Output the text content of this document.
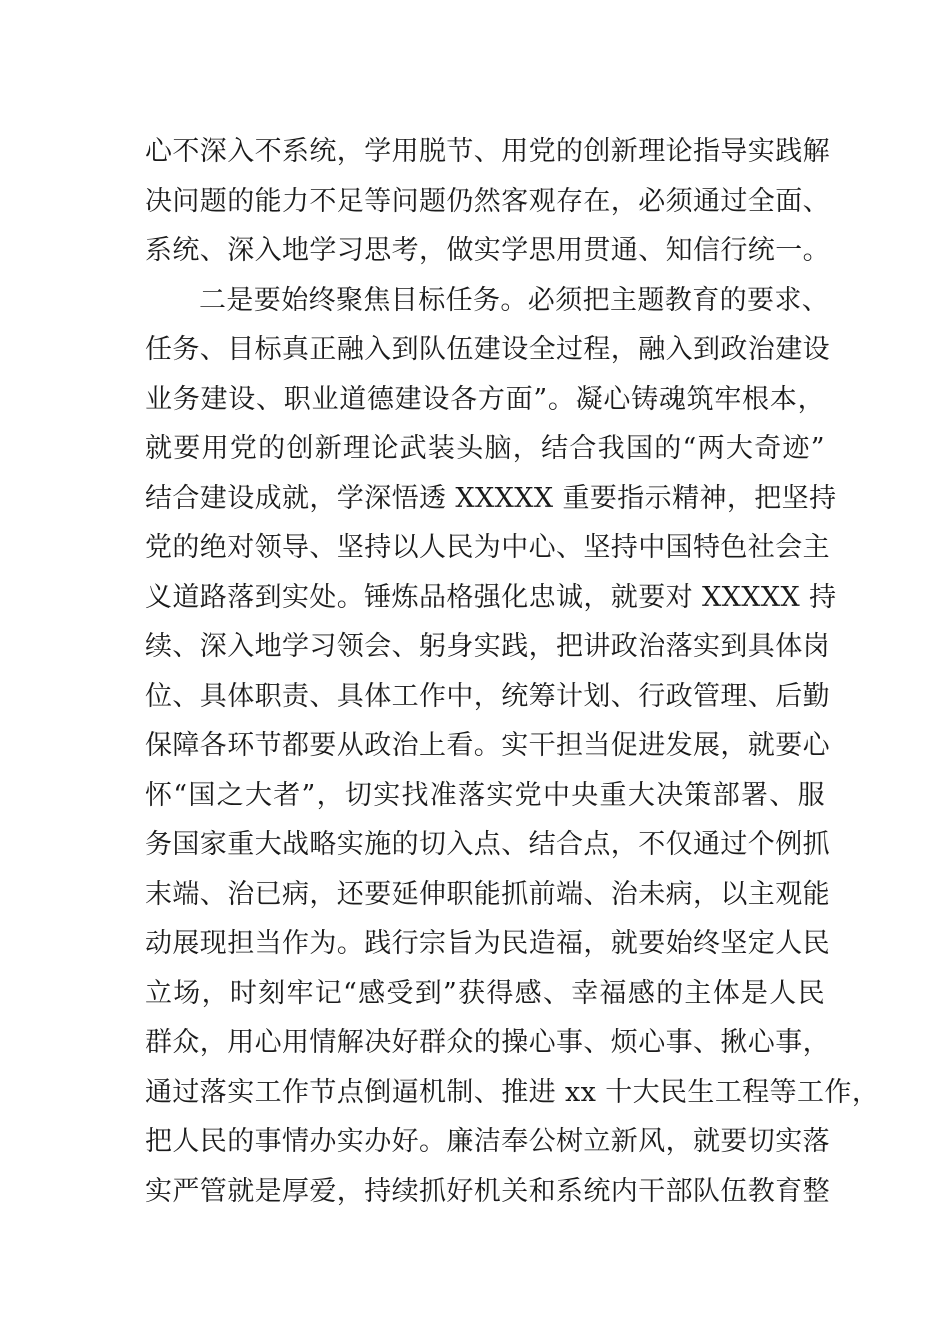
心不深入不系统，学用脱节、用党的创新理论指导实践解
决问题的能力不足等问题仍然客观存在，必须通过全面、
系统、深入地学习思考，做实学思用贯通、知信行统一。
二是要始终聚焦目标任务。必须把主题教育的要求、
任务、目标真正融入到队伍建设全过程，融入到政治建设
业务建设、职业道德建设各方面”。凝心铸魂筑牢根本，
就要用党的创新理论武装头脑，结合我国的“两大奇迹”
结合建设成就，学深悟透 XXXXX 重要指示精神，把坚持
党的绝对领导、坚持以人民为中心、坚持中国特色社会主
义道路落到实处。锤炼品格强化忠诚，就要对 XXXXX 持
续、深入地学习领会、躬身实践，把讲政治落实到具体岗
位、具体职责、具体工作中，统筹计划、行政管理、后勤
保障各环节都要从政治上看。实干担当促进发展，就要心
怀“国之大者”，切实找准落实党中央重大决策部署、服
务国家重大战略实施的切入点、结合点，不仅通过个例抓
末端、治已病，还要延伸职能抓前端、治未病，以主观能
动展现担当作为。践行宗旨为民造福，就要始终坚定人民
立场，时刻牢记“感受到”获得感、幸福感的主体是人民
群众，用心用情解决好群众的操心事、烦心事、揪心事，
通过落实工作节点倒逼机制、推进 xx 十大民生工程等工作，
把人民的事情办实办好。廉洁奉公树立新风，就要切实落
实严管就是厚爱，持续抓好机关和系统内干部队伍教育整
